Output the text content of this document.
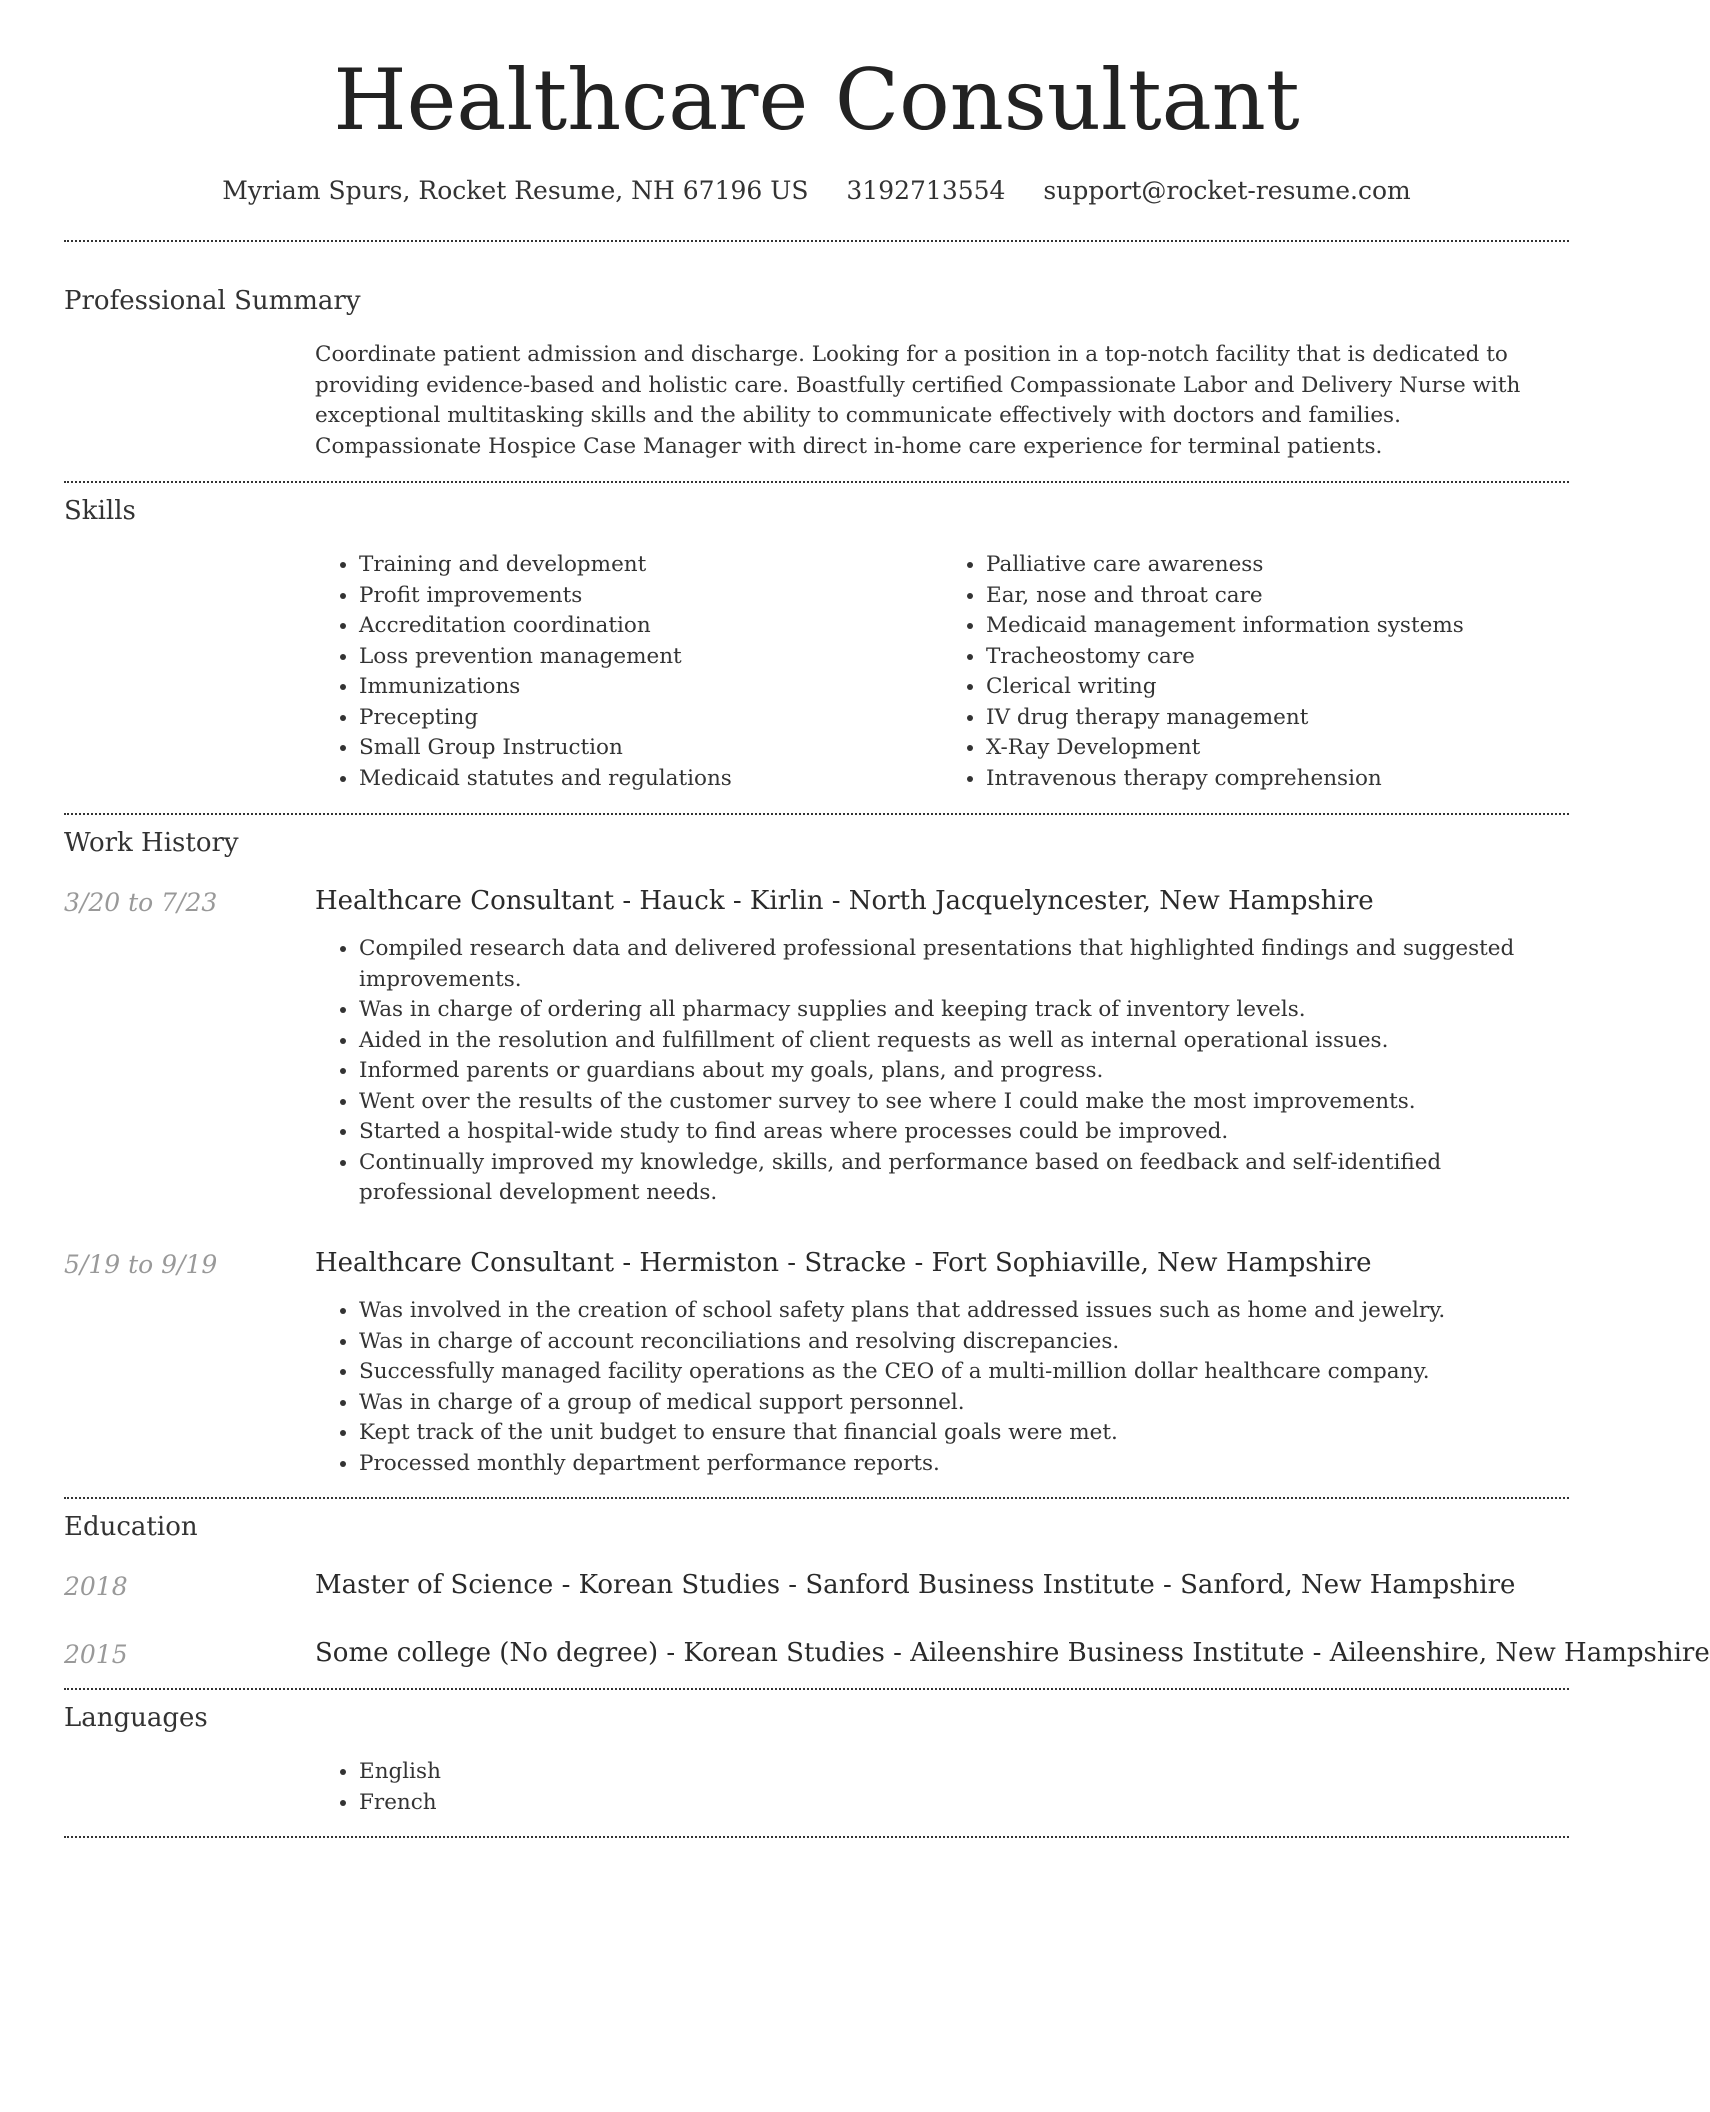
Healthcare Consultant
Myriam Spurs, Rocket Resume, NH 67196 US 3192713554 support@rocket-resume.com
Professional Summary
Coordinate patient admission and discharge. Looking for a position in a top-notch facility that is dedicated to providing evidence-based and holistic care. Boastfully certified Compassionate Labor and Delivery Nurse with exceptional multitasking skills and the ability to communicate effectively with doctors and families. Compassionate Hospice Case Manager with direct in-home care experience for terminal patients.
Skills
• Training and development
• Profit improvements
• Accreditation coordination
• Loss prevention management
• Immunizations
• Precepting
• Small Group Instruction
• Medicaid statutes and regulations
• Palliative care awareness
• Ear, nose and throat care
• Medicaid management information systems
• Tracheostomy care
• Clerical writing
• IV drug therapy management
• X-Ray Development
• Intravenous therapy comprehension
Work History
3/20 to 7/23	Healthcare Consultant - Hauck - Kirlin - North Jacquelyncester, New Hampshire
• Compiled research data and delivered professional presentations that highlighted findings and suggested improvements.
• Was in charge of ordering all pharmacy supplies and keeping track of inventory levels.
• Aided in the resolution and fulfillment of client requests as well as internal operational issues.
• Informed parents or guardians about my goals, plans, and progress.
• Went over the results of the customer survey to see where I could make the most improvements.
• Started a hospital-wide study to find areas where processes could be improved.
• Continually improved my knowledge, skills, and performance based on feedback and self-identified professional development needs.
5/19 to 9/19	Healthcare Consultant - Hermiston - Stracke - Fort Sophiaville, New Hampshire
• Was involved in the creation of school safety plans that addressed issues such as home and jewelry.
• Was in charge of account reconciliations and resolving discrepancies.
• Successfully managed facility operations as the CEO of a multi-million dollar healthcare company.
• Was in charge of a group of medical support personnel.
• Kept track of the unit budget to ensure that financial goals were met.
• Processed monthly department performance reports.
Education
2018	Master of Science - Korean Studies - Sanford Business Institute - Sanford, New Hampshire
2015	Some college (No degree) - Korean Studies - Aileenshire Business Institute - Aileenshire, New Hampshire
Languages
• English
• French
